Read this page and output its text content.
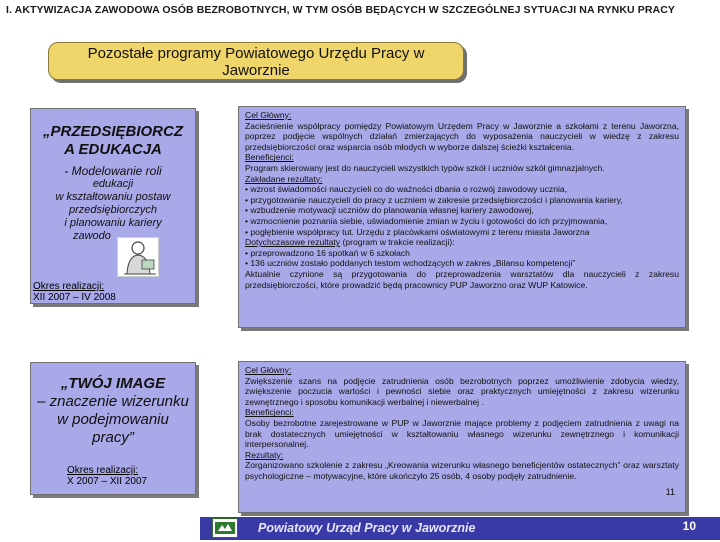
I. AKTYWIZACJA ZAWODOWA OSÓB BEZROBOTNYCH, W TYM OSÓB BĘDĄCYCH W SZCZEGÓLNEJ SYTUACJI NA RYNKU PRACY
Pozostałe programy Powiatowego Urzędu Pracy w
Jaworznie
„PRZEDSIĘBIORCZ
A EDUKACJA
- Modelowanie roli
edukacji
w kształtowaniu postaw
przedsiębiorczych
i planowaniu kariery
zawodo
Okres realizacji:
XII 2007 – IV 2008
Cel Główny:
Zacieśnienie współpracy pomiędzy Powiatowym Urzędem Pracy w Jaworznie a szkołami z terenu Jaworzna, poprzez podjęcie wspólnych działań zmierzających do wyposażenia nauczycieli w wiedzę z zakresu przedsiębiorczości oraz wsparcia osób młodych w wyborze dalszej ścieżki kształcenia.
Beneficjenci:
Program skierowany jest do nauczycieli wszystkich typów szkół i uczniów szkół gimnazjalnych.
Zakładane rezultaty:
• wzrost świadomości nauczycieli co do ważności dbania o rozwój zawodowy ucznia,
• przygotowanie nauczycieli do pracy z uczniem w zakresie przedsiębiorczości i planowania kariery,
• wzbudzenie motywacji uczniów do planowania własnej kariery zawodowej,
• wzmocnienie poznania siebie, uświadomienie zmian w życiu i gotowości do ich przyjmowania,
• pogłębienie współpracy tut. Urzędu z placówkami oświatowymi z terenu miasta Jaworzna
Dotychczasowe rezultaty (program w trakcie realizacji):
• przeprowadzono 16 spotkań w 6 szkołach
• 136 uczniów zostało poddanych testom wchodzących w zakres „Bilansu kompetencji”
Aktualnie czynione są przygotowania do przeprowadzenia warsztatów dla nauczycieli z zakresu przedsiębiorczości, które prowadzić będą pracownicy PUP Jaworzno oraz WUP Katowice.
„TWÓJ IMAGE
– znaczenie wizerunku
w podejmowaniu
pracy”
Okres realizacji:
X 2007 – XII 2007
Cel Główny:
Zwiększenie szans na podjęcie zatrudnienia osób bezrobotnych poprzez umożliwienie zdobycia wiedzy, zwiększenie poczucia wartości i pewności siebie oraz praktycznych umiejętności z zakresu wizerunku zewnętrznego i sposobu komunikacji werbalnej i niewerbalnej .
Beneficjenci:
Osoby bezrobotne zarejestrowane w PUP w Jaworznie mające problemy z podjęciem zatrudnienia z uwagi na brak dostatecznych umiejętności w kształtowaniu własnego wizerunku zewnętrznego i komunikacji interpersonalnej.
Rezultaty:
Zorganizowano szkolenie z zakresu „Kreowania wizerunku własnego beneficjentów ostatecznych” oraz warsztaty psychologiczne – motywacyjne, które ukończyło 25 osób, 4 osoby podjęły zatrudnienie.
11
Powiatowy Urząd Pracy w Jaworznie	10
